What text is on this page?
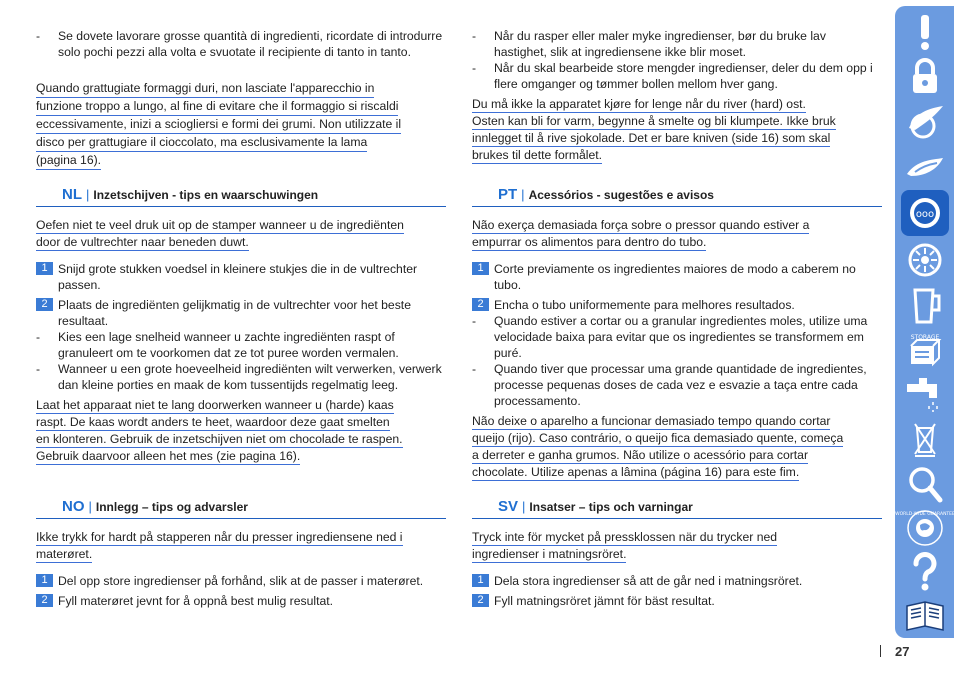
- Se dovete lavorare grosse quantità di ingredienti, ricordate di introdurre solo pochi pezzi alla volta e svuotate il recipiente di tanto in tanto.
Quando grattugiate formaggi duri, non lasciate l'apparecchio in
funzione troppo a lungo, al fine di evitare che il formaggio si riscaldi
eccessivamente, inizi a sciogliersi e formi dei grumi. Non utilizzate il
disco per grattugiare il cioccolato, ma esclusivamente la lama
(pagina 16).
NL | Inzetschijven - tips en waarschuwingen
Oefen niet te veel druk uit op de stamper wanneer u de ingrediënten
door de vultrechter naar beneden duwt.
1 Snijd grote stukken voedsel in kleinere stukjes die in de vultrechter passen.
2 Plaats de ingrediënten gelijkmatig in de vultrechter voor het beste resultaat.
- Kies een lage snelheid wanneer u zachte ingrediënten raspt of granuleert om te voorkomen dat ze tot puree worden vermalen.
- Wanneer u een grote hoeveelheid ingrediënten wilt verwerken, verwerk dan kleine porties en maak de kom tussentijds regelmatig leeg.
Laat het apparaat niet te lang doorwerken wanneer u (harde) kaas
raspt. De kaas wordt anders te heet, waardoor deze gaat smelten
en klonteren. Gebruik de inzetschijven niet om chocolade te raspen.
Gebruik daarvoor alleen het mes (zie pagina 16).
NO | Innlegg – tips og advarsler
Ikke trykk for hardt på stapperen når du presser ingrediensene ned i
materøret.
1 Del opp store ingredienser på forhånd, slik at de passer i materøret.
2 Fyll materøret jevnt for å oppnå best mulig resultat.
- Når du rasper eller maler myke ingredienser, bør du bruke lav hastighet, slik at ingrediensene ikke blir moset.
- Når du skal bearbeide store mengder ingredienser, deler du dem opp i flere omganger og tømmer bollen mellom hver gang.
Du må ikke la apparatet kjøre for lenge når du river (hard) ost.
Osten kan bli for varm, begynne å smelte og bli klumpete. Ikke bruk
innlegget til å rive sjokolade. Det er bare kniven (side 16) som skal
brukes til dette formålet.
PT | Acessórios - sugestões e avisos
Não exerça demasiada força sobre o pressor quando estiver a
empurrar os alimentos para dentro do tubo.
1 Corte previamente os ingredientes maiores de modo a caberem no tubo.
2 Encha o tubo uniformemente para melhores resultados.
- Quando estiver a cortar ou a granular ingredientes moles, utilize uma velocidade baixa para evitar que os ingredientes se transformem em puré.
- Quando tiver que processar uma grande quantidade de ingredientes, processe pequenas doses de cada vez e esvazie a taça entre cada processamento.
Não deixe o aparelho a funcionar demasiado tempo quando cortar
queijo (rijo). Caso contrário, o queijo fica demasiado quente, começa
a derreter e ganha grumos. Não utilize o acessório para cortar
chocolate. Utilize apenas a lâmina (página 16) para este fim.
SV | Insatser – tips och varningar
Tryck inte för mycket på pressklossen när du trycker ned
ingredienser i matningsröret.
1 Dela stora ingredienser så att de går ned i matningsröret.
2 Fyll matningsröret jämnt för bäst resultat.
ooo
STORAGE
WORLD-WIDE GUARANTEE
27
